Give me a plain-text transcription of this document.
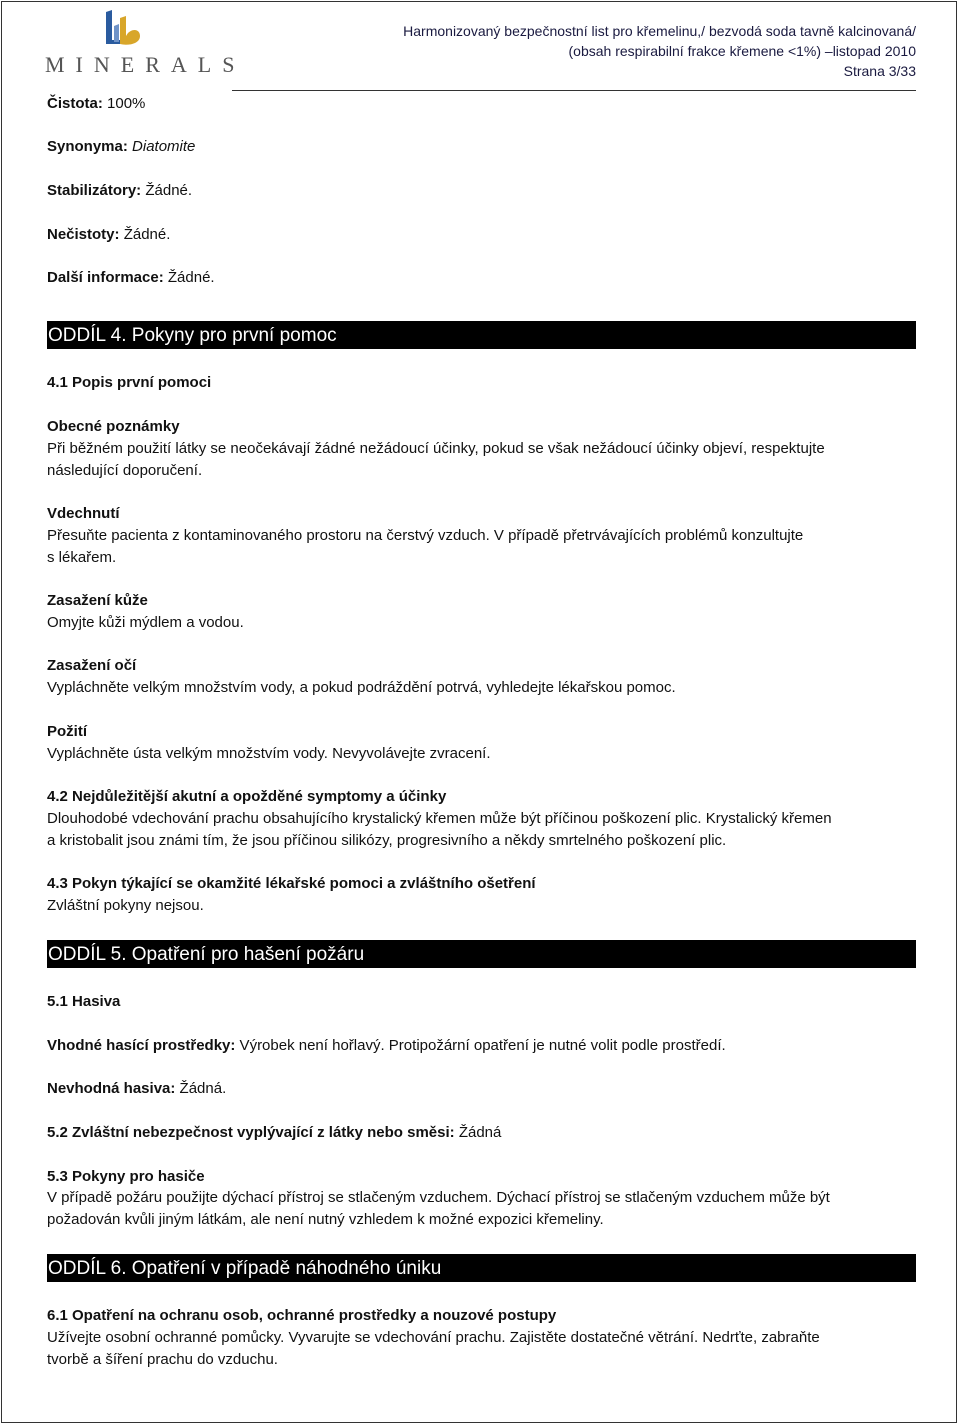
MINERALS
Harmonizovaný bezpečnostní list pro křemelinu,/ bezvodá soda tavně kalcinovaná/
(obsah respirabilní frakce křemene <1%) –listopad 2010
Strana 3/33
Čistota: 100%
Synonyma: Diatomite
Stabilizátory: Žádné.
Nečistoty: Žádné.
Další informace: Žádné.
ODDÍL 4. Pokyny pro první pomoc
4.1 Popis první pomoci
Obecné poznámky
Při běžném použití látky se neočekávají žádné nežádoucí účinky, pokud se však nežádoucí účinky objeví, respektujte
následující doporučení.
Vdechnutí
Přesuňte pacienta z kontaminovaného prostoru na čerstvý vzduch. V případě přetrvávajících problémů konzultujte
s lékařem.
Zasažení kůže
Omyjte kůži mýdlem a vodou.
Zasažení očí
Vypláchněte velkým množstvím vody, a pokud podráždění potrvá, vyhledejte lékařskou pomoc.
Požití
Vypláchněte ústa velkým množstvím vody. Nevyvolávejte zvracení.
4.2 Nejdůležitější akutní a opožděné symptomy a účinky
Dlouhodobé vdechování prachu obsahujícího krystalický křemen může být příčinou poškození plic. Krystalický křemen
a kristobalit jsou známi tím, že jsou příčinou silikózy, progresivního a někdy smrtelného poškození plic.
4.3 Pokyn týkající se okamžité lékařské pomoci a zvláštního ošetření
Zvláštní pokyny nejsou.
ODDÍL 5. Opatření pro hašení požáru
5.1 Hasiva
Vhodné hasící prostředky: Výrobek není hořlavý. Protipožární opatření je nutné volit podle prostředí.
Nevhodná hasiva: Žádná.
5.2 Zvláštní nebezpečnost vyplývající z látky nebo směsi: Žádná
5.3 Pokyny pro hasiče
V případě požáru použijte dýchací přístroj se stlačeným vzduchem. Dýchací přístroj se stlačeným vzduchem může být
požadován kvůli jiným látkám, ale není nutný vzhledem k možné expozici křemeliny.
ODDÍL 6. Opatření v případě náhodného úniku
6.1 Opatření na ochranu osob, ochranné prostředky a nouzové postupy
Užívejte osobní ochranné pomůcky. Vyvarujte se vdechování prachu. Zajistěte dostatečné větrání. Nedrťte, zabraňte
tvorbě a šíření prachu do vzduchu.
